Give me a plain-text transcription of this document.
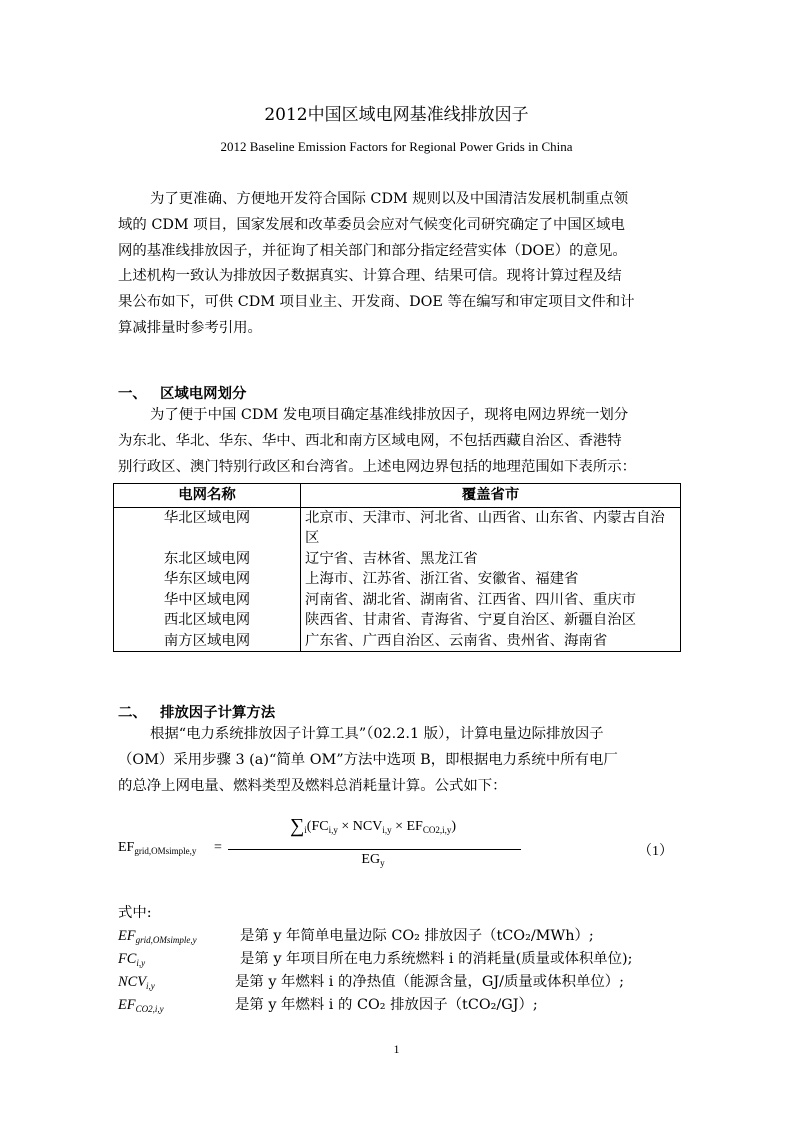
2012中国区域电网基准线排放因子
2012 Baseline Emission Factors for Regional Power Grids in China
为了更准确、方便地开发符合国际 CDM 规则以及中国清洁发展机制重点领
域的 CDM 项目，国家发展和改革委员会应对气候变化司研究确定了中国区域电
网的基准线排放因子，并征询了相关部门和部分指定经营实体（DOE）的意见。
上述机构一致认为排放因子数据真实、计算合理、结果可信。现将计算过程及结
果公布如下，可供 CDM 项目业主、开发商、DOE 等在编写和审定项目文件和计
算减排量时参考引用。
一、 区域电网划分
为了便于中国 CDM 发电项目确定基准线排放因子，现将电网边界统一划分
为东北、华北、华东、华中、西北和南方区域电网，不包括西藏自治区、香港特
别行政区、澳门特别行政区和台湾省。上述电网边界包括的地理范围如下表所示：
电网名称	覆盖省市
华北区域电网	北京市、天津市、河北省、山西省、山东省、内蒙古自治区
东北区域电网	辽宁省、吉林省、黑龙江省
华东区域电网	上海市、江苏省、浙江省、安徽省、福建省
华中区域电网	河南省、湖北省、湖南省、江西省、四川省、重庆市
西北区域电网	陕西省、甘肃省、青海省、宁夏自治区、新疆自治区
南方区域电网	广东省、广西自治区、云南省、贵州省、海南省
二、 排放因子计算方法
根据“电力系统排放因子计算工具”（02.2.1 版），计算电量边际排放因子
（OM）采用步骤 3 (a)“简单 OM”方法中选项 B，即根据电力系统中所有电厂
的总净上网电量、燃料类型及燃料总消耗量计算。公式如下：
$EF_{grid,OMsimple,y}$ =
$\sum_i(FC_{i,y} \times NCV_{i,y} \times EF_{CO2,i,y})$
$EG_y$
（1）
式中:
$EF_{grid,OMsimple,y}$	是第 y 年简单电量边际 CO₂ 排放因子（tCO₂/MWh）;
$FC_{i,y}$	是第 y 年项目所在电力系统燃料 i 的消耗量(质量或体积单位);
$NCV_{i,y}$	是第 y 年燃料 i 的净热值（能源含量，GJ/质量或体积单位）;
$EF_{CO2,i,y}$	是第 y 年燃料 i 的 CO₂ 排放因子（tCO₂/GJ）;
1
